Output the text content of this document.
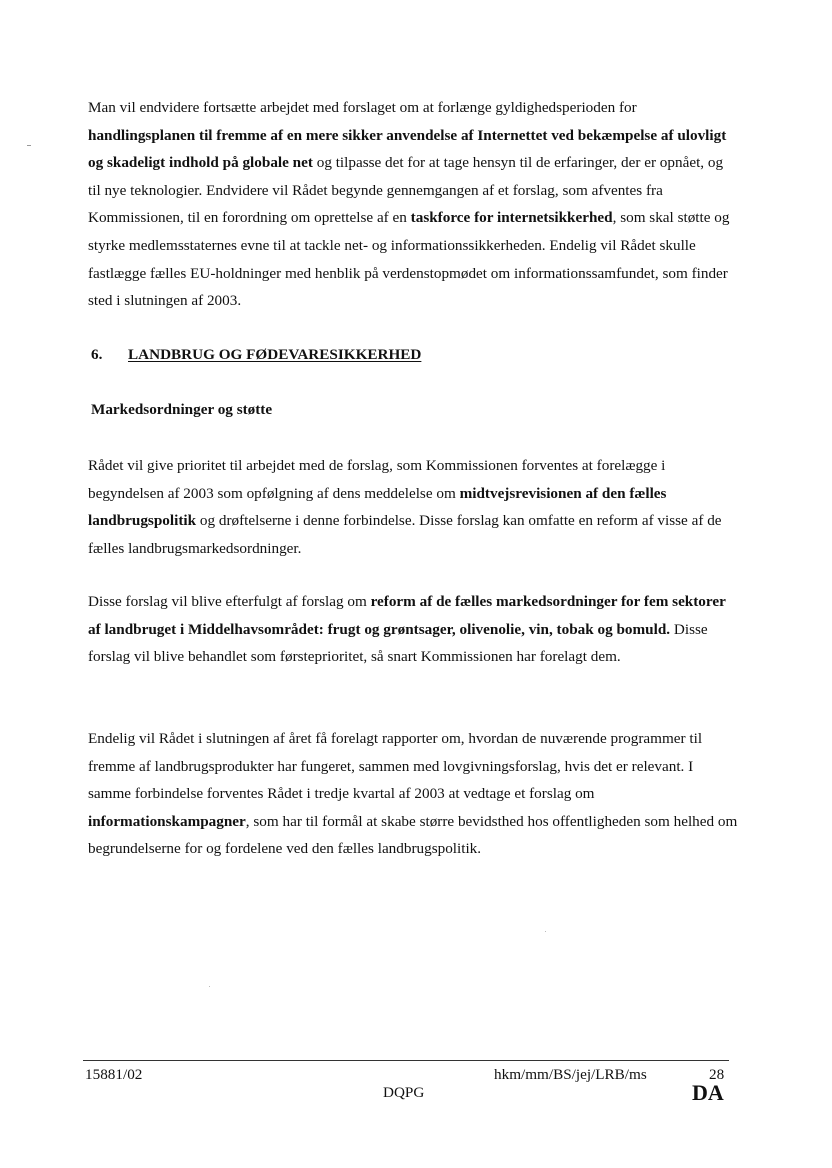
Man vil endvidere fortsætte arbejdet med forslaget om at forlænge gyldighedsperioden for handlingsplanen til fremme af en mere sikker anvendelse af Internettet ved bekæmpelse af ulovligt og skadeligt indhold på globale net og tilpasse det for at tage hensyn til de erfaringer, der er opnået, og til nye teknologier. Endvidere vil Rådet begynde gennemgangen af et forslag, som afventes fra Kommissionen, til en forordning om oprettelse af en taskforce for internetsikkerhed, som skal støtte og styrke medlemsstaternes evne til at tackle net- og informationssikkerheden. Endelig vil Rådet skulle fastlægge fælles EU-holdninger med henblik på verdenstopmødet om informationssamfundet, som finder sted i slutningen af 2003.

6. LANDBRUG OG FØDEVARESIKKERHED
Markedsordninger og støtte

Rådet vil give prioritet til arbejdet med de forslag, som Kommissionen forventes at forelægge i begyndelsen af 2003 som opfølgning af dens meddelelse om midtvejsrevisionen af den fælles landbrugspolitik og drøftelserne i denne forbindelse. Disse forslag kan omfatte en reform af visse af de fælles landbrugsmarkedsordninger.

Disse forslag vil blive efterfulgt af forslag om reform af de fælles markedsordninger for fem sektorer af landbruget i Middelhavsområdet: frugt og grøntsager, olivenolie, vin, tobak og bomuld. Disse forslag vil blive behandlet som førsteprioritet, så snart Kommissionen har forelagt dem.

Endelig vil Rådet i slutningen af året få forelagt rapporter om, hvordan de nuværende programmer til fremme af landbrugsprodukter har fungeret, sammen med lovgivningsforslag, hvis det er relevant. I samme forbindelse forventes Rådet i tredje kvartal af 2003 at vedtage et forslag om informationskampagner, som har til formål at skabe større bevidsthed hos offentligheden som helhed om begrundelserne for og fordelene ved den fælles landbrugspolitik.

15881/02
DQPG
hkm/mm/BS/jej/LRB/ms	28
DA
